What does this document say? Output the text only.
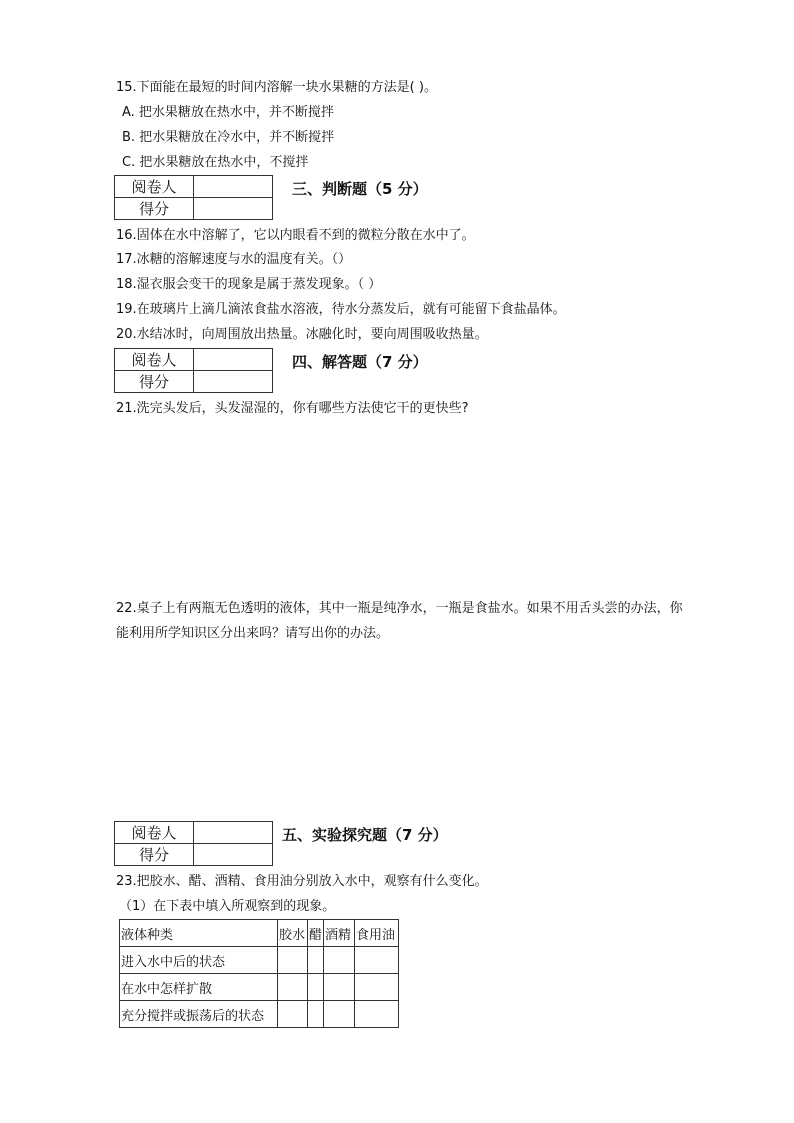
15.下面能在最短的时间内溶解一块水果糖的方法是( )。
A. 把水果糖放在热水中，并不断搅拌
B. 把水果糖放在冷水中，并不断搅拌
C. 把水果糖放在热水中，不搅拌
阅卷人	
得分	
三、判断题（5 分）
16.固体在水中溶解了，它以内眼看不到的微粒分散在水中了。
17.冰糖的溶解速度与水的温度有关。（）
18.湿衣服会变干的现象是属于蒸发现象。（ ）
19.在玻璃片上滴几滴浓食盐水溶液，待水分蒸发后，就有可能留下食盐晶体。
20.水结冰时，向周围放出热量。冰融化时，要向周围吸收热量。
阅卷人	
得分	
四、解答题（7 分）
21.洗完头发后，头发湿湿的，你有哪些方法使它干的更快些?
22.桌子上有两瓶无色透明的液体，其中一瓶是纯净水，一瓶是食盐水。如果不用舌头尝的办法，你
能利用所学知识区分出来吗？请写出你的办法。
阅卷人	
得分	
五、实验探究题（7 分）
23.把胶水、醋、酒精、食用油分别放入水中，观察有什么变化。
（1）在下表中填入所观察到的现象。
液体种类	胶水	醋	酒精	食用油
进入水中后的状态				
在水中怎样扩散				
充分搅拌或振荡后的状态				
